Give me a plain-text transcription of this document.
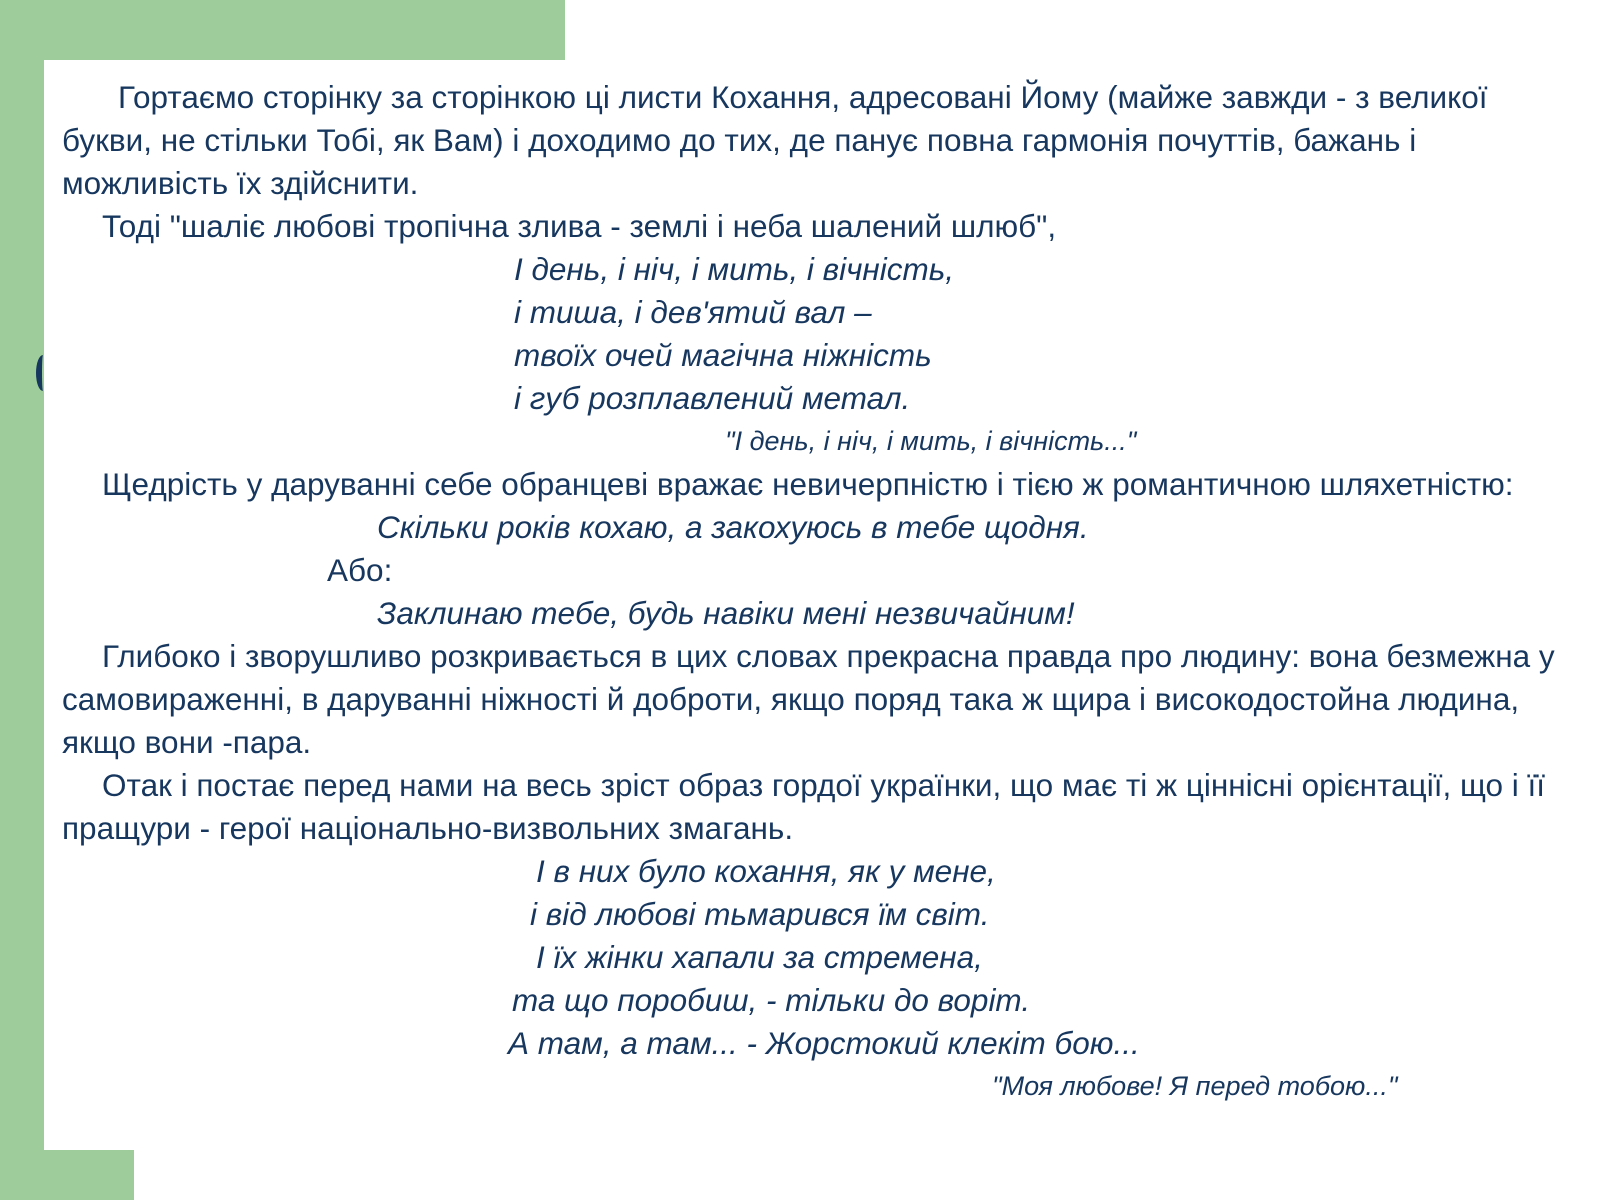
Гортаємо сторінку за сторінкою ці листи Кохання, адресовані Йому (майже завжди - з великої букви, не стільки Тобі, як Вам) і доходимо до тих, де панує повна гармонія почуттів, бажань і можливість їх здійснити.

Тоді "шаліє любові тропічна злива - землі і неба шалений шлюб",

І день, і ніч, і мить, і вічність,

і тиша, і дев'ятий вал –

твоїх очей магічна ніжність

і губ розплавлений метал.

"І день, і ніч, і мить, і вічність..."

Щедрість у даруванні себе обранцеві вражає невичерпністю і тією ж романтичною шляхетністю:

Скільки років кохаю, а закохуюсь в тебе щодня.

Або:

Заклинаю тебе, будь навіки мені незвичайним!

Глибоко і зворушливо розкривається в цих словах прекрасна правда про людину: вона безмежна у самовираженні, в даруванні ніжності й доброти, якщо поряд така ж щира і високодостойна людина, якщо вони -пара.

Отак і постає перед нами на весь зріст образ гордої українки, що має ті ж ціннісні орієнтації, що і її пращури - герої національно-визвольних змагань.

І в них було кохання, як у мене,

і від любові тьмарився їм світ.

І їх жінки хапали за стремена,

та що поробиш, - тільки до воріт.

А там, а там... - Жорстокий клекіт бою...

"Моя любове! Я перед тобою..."
